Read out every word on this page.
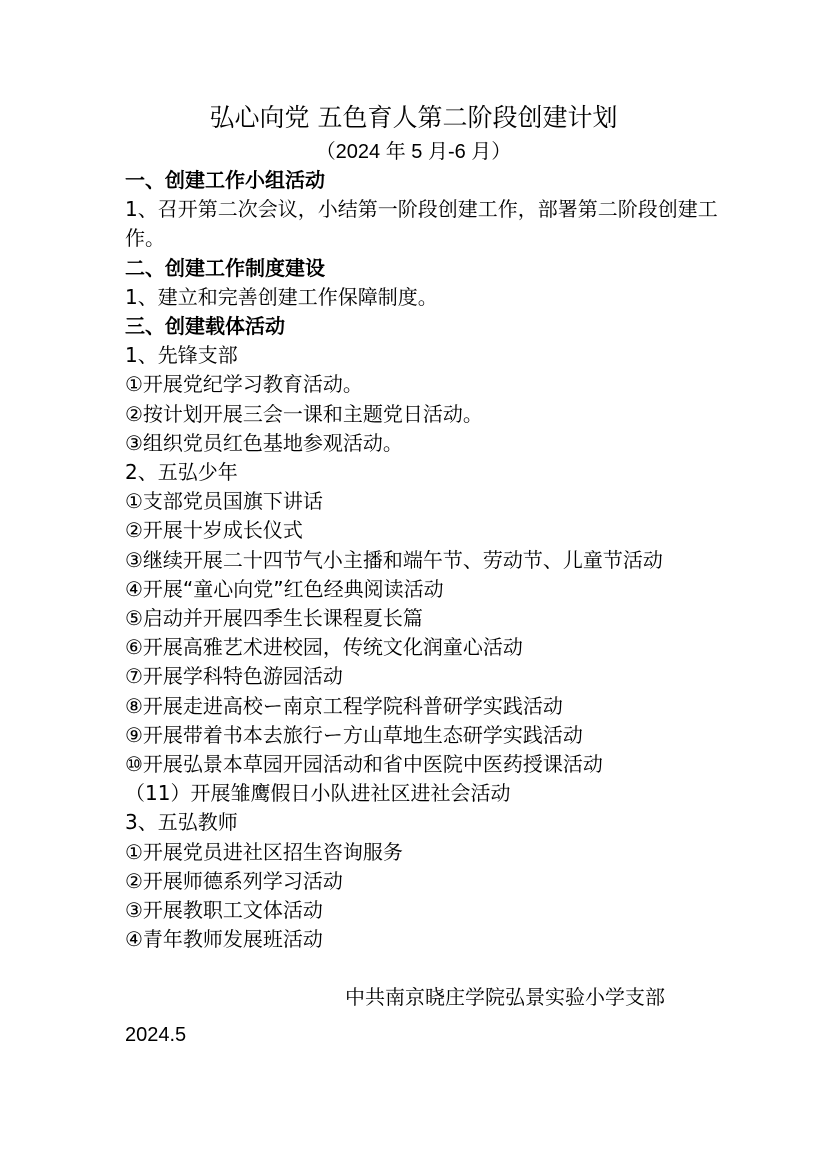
弘心向党 五色育人第二阶段创建计划
（2024 年 5 月-6 月）
一、创建工作小组活动
1、召开第二次会议，小结第一阶段创建工作，部署第二阶段创建工作。
二、创建工作制度建设
1、建立和完善创建工作保障制度。
三、创建载体活动
1、先锋支部
①开展党纪学习教育活动。
②按计划开展三会一课和主题党日活动。
③组织党员红色基地参观活动。
2、五弘少年
①支部党员国旗下讲话
②开展十岁成长仪式
③继续开展二十四节气小主播和端午节、劳动节、儿童节活动
④开展“童心向党”红色经典阅读活动
⑤启动并开展四季生长课程夏长篇
⑥开展高雅艺术进校园，传统文化润童心活动
⑦开展学科特色游园活动
⑧开展走进高校ー南京工程学院科普研学实践活动
⑨开展带着书本去旅行ー方山草地生态研学实践活动
⑩开展弘景本草园开园活动和省中医院中医药授课活动
（11）开展雏鹰假日小队进社区进社会活动
3、五弘教师
①开展党员进社区招生咨询服务
②开展师德系列学习活动
③开展教职工文体活动
④青年教师发展班活动
中共南京晓庄学院弘景实验小学支部
2024.5
